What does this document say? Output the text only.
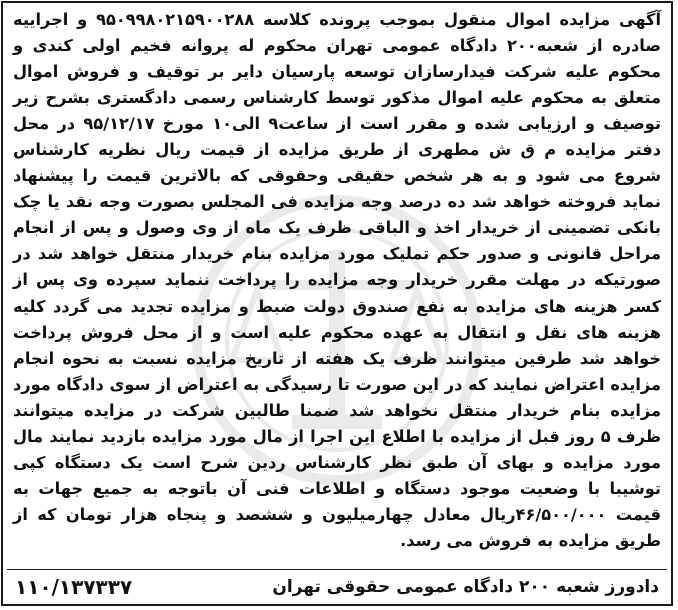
آگهی مزایده اموال منقول بموجب پرونده کلاسه ۹۵۰۹۹۸۰۲۱۵۹۰۰۲۸۸ و اجراییه صادره از شعبه۲۰۰ دادگاه عمومی تهران محکوم له پروانه فخیم اولی کندی و محکوم علیه شرکت فیدارسازان توسعه پارسیان دایر بر توقیف و فروش اموال متعلق به محکوم علیه اموال مذکور توسط کارشناس رسمی دادگستری بشرح زیر توصیف و ارزیابی شده و مقرر است از ساعت۹ الی۱۰ مورخ ۹۵/۱۲/۱۷ در محل دفتر مزایده م ق ش مطهری از طریق مزایده از قیمت ریال نظریه کارشناس شروع می شود و به هر شخص حقیقی وحقوقی که بالاترین قیمت را پیشنهاد نماید فروخته خواهد شد ده درصد وجه مزایده فی المجلس بصورت وجه نقد یا چک بانکی تضمینی از خریدار اخذ و الباقی ظرف یک ماه از وی وصول و پس از انجام مراحل قانونی و صدور حکم تملیک مورد مزایده بنام خریدار منتقل خواهد شد در صورتیکه در مهلت مقرر خریدار وجه مزایده را پرداخت ننماید سپرده وی پس از کسر هزینه های مزایده به نفع صندوق دولت ضبط و مزایده تجدید می گردد کلیه هزینه های نقل و انتقال به عهده محکوم علیه است و از محل فروش پرداخت خواهد شد طرفین میتوانند ظرف یک هفته از تاریخ مزایده نسبت به نحوه انجام مزایده اعتراض نمایند که در این صورت تا رسیدگی به اعتراض از سوی دادگاه مورد مزایده بنام خریدار منتقل نخواهد شد ضمنا طالبین شرکت در مزایده میتوانند ظرف ۵ روز قبل از مزایده با اطلاع این اجرا از مال مورد مزایده بازدید نمایند مال مورد مزایده و بهای آن طبق نظر کارشناس ردین شرح است یک دستگاه کپی توشیبا با وضعیت موجود دستگاه و اطلاعات فنی آن باتوجه به جمیع جهات به قیمت ۴۶/۵۰۰/۰۰۰ریال معادل چهارمیلیون و ششصد و پنجاه هزار تومان که از طریق مزایده به فروش می رسد.

دادورز شعبه ۲۰۰ دادگاه عمومی حقوقی تهران
۱۱۰/۱۳۷۳۳۷
